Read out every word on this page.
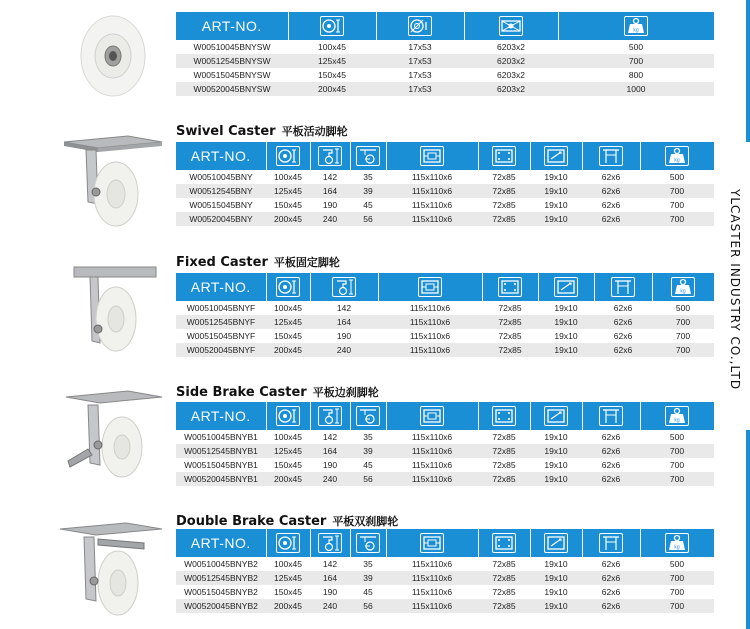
YLCASTER INDUSTRY CO.,LTD
ART-NO.	

W00510045BNYSW	100x45	17x53	6203x2	500
W00512545BNYSW	125x45	17x53	6203x2	700
W00515045BNYSW	150x45	17x53	6203x2	800
W00520045BNYSW	200x45	17x53	6203x2	1000
Swivel Caster 平板活动脚轮
ART-NO.	

W00510045BNY	100x45	142	35	115x110x6	72x85	19x10	62x6	500
W00512545BNY	125x45	164	39	115x110x6	72x85	19x10	62x6	700
W00515045BNY	150x45	190	45	115x110x6	72x85	19x10	62x6	700
W00520045BNY	200x45	240	56	115x110x6	72x85	19x10	62x6	700
Fixed Caster 平板固定脚轮
ART-NO.	

W00510045BNYF	100x45	142	115x110x6	72x85	19x10	62x6	500
W00512545BNYF	125x45	164	115x110x6	72x85	19x10	62x6	700
W00515045BNYF	150x45	190	115x110x6	72x85	19x10	62x6	700
W00520045BNYF	200x45	240	115x110x6	72x85	19x10	62x6	700
Side Brake Caster 平板边刹脚轮
ART-NO.	

W00510045BNYB1	100x45	142	35	115x110x6	72x85	19x10	62x6	500
W00512545BNYB1	125x45	164	39	115x110x6	72x85	19x10	62x6	700
W00515045BNYB1	150x45	190	45	115x110x6	72x85	19x10	62x6	700
W00520045BNYB1	200x45	240	56	115x110x6	72x85	19x10	62x6	700
Double Brake Caster 平板双刹脚轮
ART-NO.	

W00510045BNYB2	100x45	142	35	115x110x6	72x85	19x10	62x6	500
W00512545BNYB2	125x45	164	39	115x110x6	72x85	19x10	62x6	700
W00515045BNYB2	150x45	190	45	115x110x6	72x85	19x10	62x6	700
W00520045BNYB2	200x45	240	56	115x110x6	72x85	19x10	62x6	700
